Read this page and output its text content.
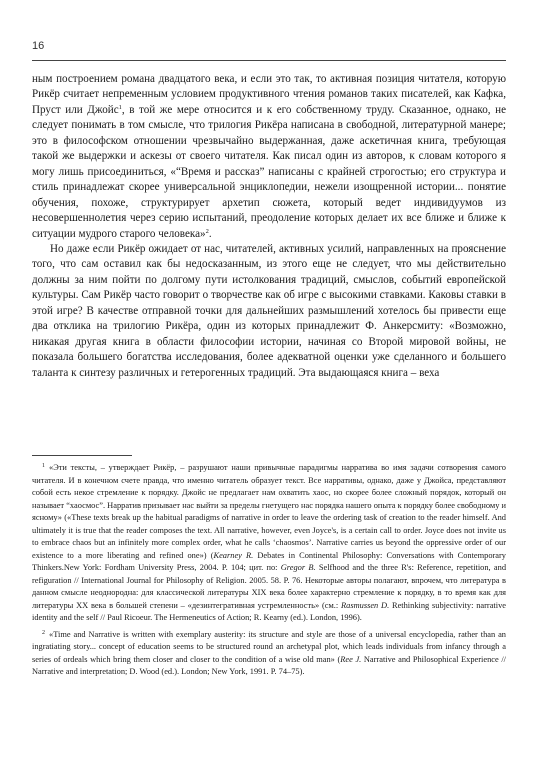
16

ным построением романа двадцатого века, и если это так, то активная позиция читателя, которую Рикёр считает непременным условием продуктивного чтения романов таких писателей, как Кафка, Пруст или Джойс$^1$, в той же мере относится и к его собственному труду. Сказанное, однако, не следует понимать в том смысле, что трилогия Рикёра написана в свободной, литературной манере; это в философском отношении чрезвычайно выдержанная, даже аскетичная книга, требующая такой же выдержки и аскезы от своего читателя. Как писал один из авторов, к словам которого я могу лишь присоединиться, «“Время и рассказ” написаны с крайней строгостью; его структура и стиль принадлежат скорее универсальной энциклопедии, нежели изощренной истории... понятие обучения, похоже, структурирует архетип сюжета, который ведет индивидуумов из несовершеннолетия через серию испытаний, преодоление которых делает их все ближе и ближе к ситуации мудрого старого человека»$^2$.

Но даже если Рикёр ожидает от нас, читателей, активных усилий, направленных на прояснение того, что сам оставил как бы недосказанным, из этого еще не следует, что мы действительно должны за ним пойти по долгому пути истолкования традиций, смыслов, событий европейской культуры. Сам Рикёр часто говорит о творчестве как об игре с высокими ставками. Каковы ставки в этой игре? В качестве отправной точки для дальнейших размышлений хотелось бы привести еще два отклика на трилогию Рикёра, один из которых принадлежит Ф. Анкерсмиту: «Возможно, никакая другая книга в области философии истории, начиная со Второй мировой войны, не показала большего богатства исследования, более адекватной оценки уже сделанного и большего таланта к синтезу различных и гетерогенных традиций. Эта выдающаяся книга – веха

$^1$ «Эти тексты, – утверждает Рикёр, – разрушают наши привычные парадигмы нарратива во имя задачи сотворения самого читателя. И в конечном счете правда, что именно читатель образует текст. Все нарративы, однако, даже у Джойса, представляют собой есть некое стремление к порядку. Джойс не предлагает нам охватить хаос, но скорее более сложный порядок, который он называет “хаосмос”. Нарратив призывает нас выйти за пределы гнетущего нас порядка нашего опыта к порядку более свободному и ясному» («These texts break up the habitual paradigms of narrative in order to leave the ordering task of creation to the reader himself. And ultimately it is true that the reader composes the text. All narrative, however, even Joyce's, is a certain call to order. Joyce does not invite us to embrace chaos but an infinitely more complex order, what he calls ‘chaosmos’. Narrative carries us beyond the oppressive order of our existence to a more liberating and refined one») (Kearney R. Debates in Continental Philosophy: Conversations with Contemporary Thinkers.New York: Fordham University Press, 2004. P. 104; цит. по: Gregor B. Selfhood and the three R's: Reference, repetition, and refiguration // International Journal for Philosophy of Religion. 2005. 58. P. 76. Некоторые авторы полагают, впрочем, что литература в данном смысле неоднородна: для классической литературы XIX века более характерно стремление к порядку, в то время как для литературы XX века в большей степени – «дезинтегративная устремленность» (см.: Rasmussen D. Rethinking subjectivity: narrative identity and the self // Paul Ricoeur. The Hermeneutics of Action; R. Kearny (ed.). London, 1996).

$^2$ «Time and Narrative is written with exemplary austerity: its structure and style are those of a universal encyclopedia, rather than an ingratiating story... concept of education seems to be structured round an archetypal plot, which leads individuals from infancy through a series of ordeals which bring them closer and closer to the condition of a wise old man» (Ree J. Narrative and Philosophical Experience // Narrative and interpretation; D. Wood (ed.). London; New York, 1991. P. 74–75).
